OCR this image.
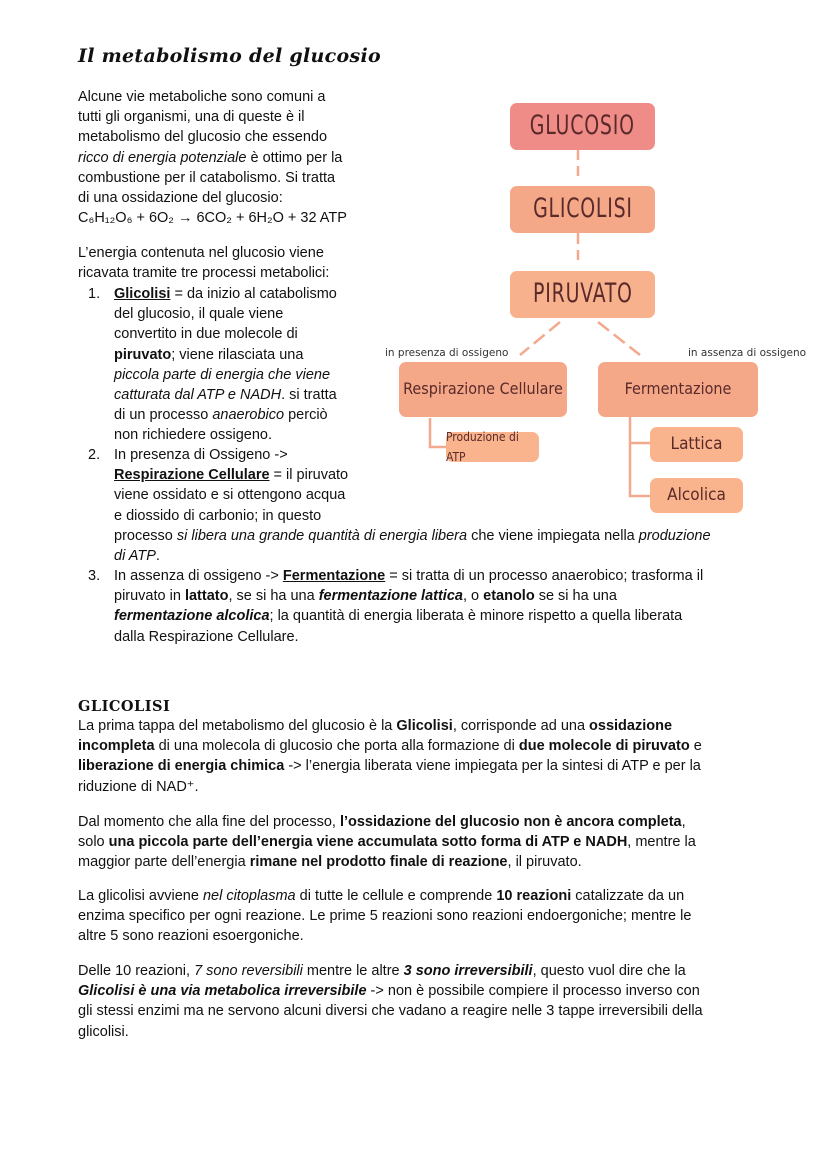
Il metabolismo del glucosio
Alcune vie metaboliche sono comuni a
tutti gli organismi, una di queste è il
metabolismo del glucosio che essendo
ricco di energia potenziale è ottimo per la
combustione per il catabolismo. Si tratta
di una ossidazione del glucosio:
C₆H₁₂O₆ + 6O₂ → 6CO₂ + 6H₂O + 32 ATP
L’energia contenuta nel glucosio viene
ricavata tramite tre processi metabolici:
1. Glicolisi = da inizio al catabolismo
del glucosio, il quale viene
convertito in due molecole di
piruvato; viene rilasciata una
piccola parte di energia che viene
catturata dal ATP e NADH. si tratta
di un processo anaerobico perciò
non richiedere ossigeno.
2. In presenza di Ossigeno ->
Respirazione Cellulare = il piruvato
viene ossidato e si ottengono acqua
e diossido di carbonio; in questo
processo si libera una grande quantità di energia libera che viene impiegata nella produzione
di ATP.
3. In assenza di ossigeno -> Fermentazione = si tratta di un processo anaerobico; trasforma il
piruvato in lattato, se si ha una fermentazione lattica, o etanolo se si ha una
fermentazione alcolica; la quantità di energia liberata è minore rispetto a quella liberata
dalla Respirazione Cellulare.
GLUCOSIO
GLICOLISI
PIRUVATO
in presenza di ossigeno	in assenza di ossigeno
Respirazione Cellulare	Fermentazione
Produzione di ATP
Lattica
Alcolica
GLICOLISI
La prima tappa del metabolismo del glucosio è la Glicolisi, corrisponde ad una ossidazione
incompleta di una molecola di glucosio che porta alla formazione di due molecole di piruvato e
liberazione di energia chimica -> l’energia liberata viene impiegata per la sintesi di ATP e per la
riduzione di NAD⁺.
Dal momento che alla fine del processo, l’ossidazione del glucosio non è ancora completa,
solo una piccola parte dell’energia viene accumulata sotto forma di ATP e NADH, mentre la
maggior parte dell’energia rimane nel prodotto finale di reazione, il piruvato.
La glicolisi avviene nel citoplasma di tutte le cellule e comprende 10 reazioni catalizzate da un
enzima specifico per ogni reazione. Le prime 5 reazioni sono reazioni endoergoniche; mentre le
altre 5 sono reazioni esoergoniche.
Delle 10 reazioni, 7 sono reversibili mentre le altre 3 sono irreversibili, questo vuol dire che la
Glicolisi è una via metabolica irreversibile -> non è possibile compiere il processo inverso con
gli stessi enzimi ma ne servono alcuni diversi che vadano a reagire nelle 3 tappe irreversibili della
glicolisi.
